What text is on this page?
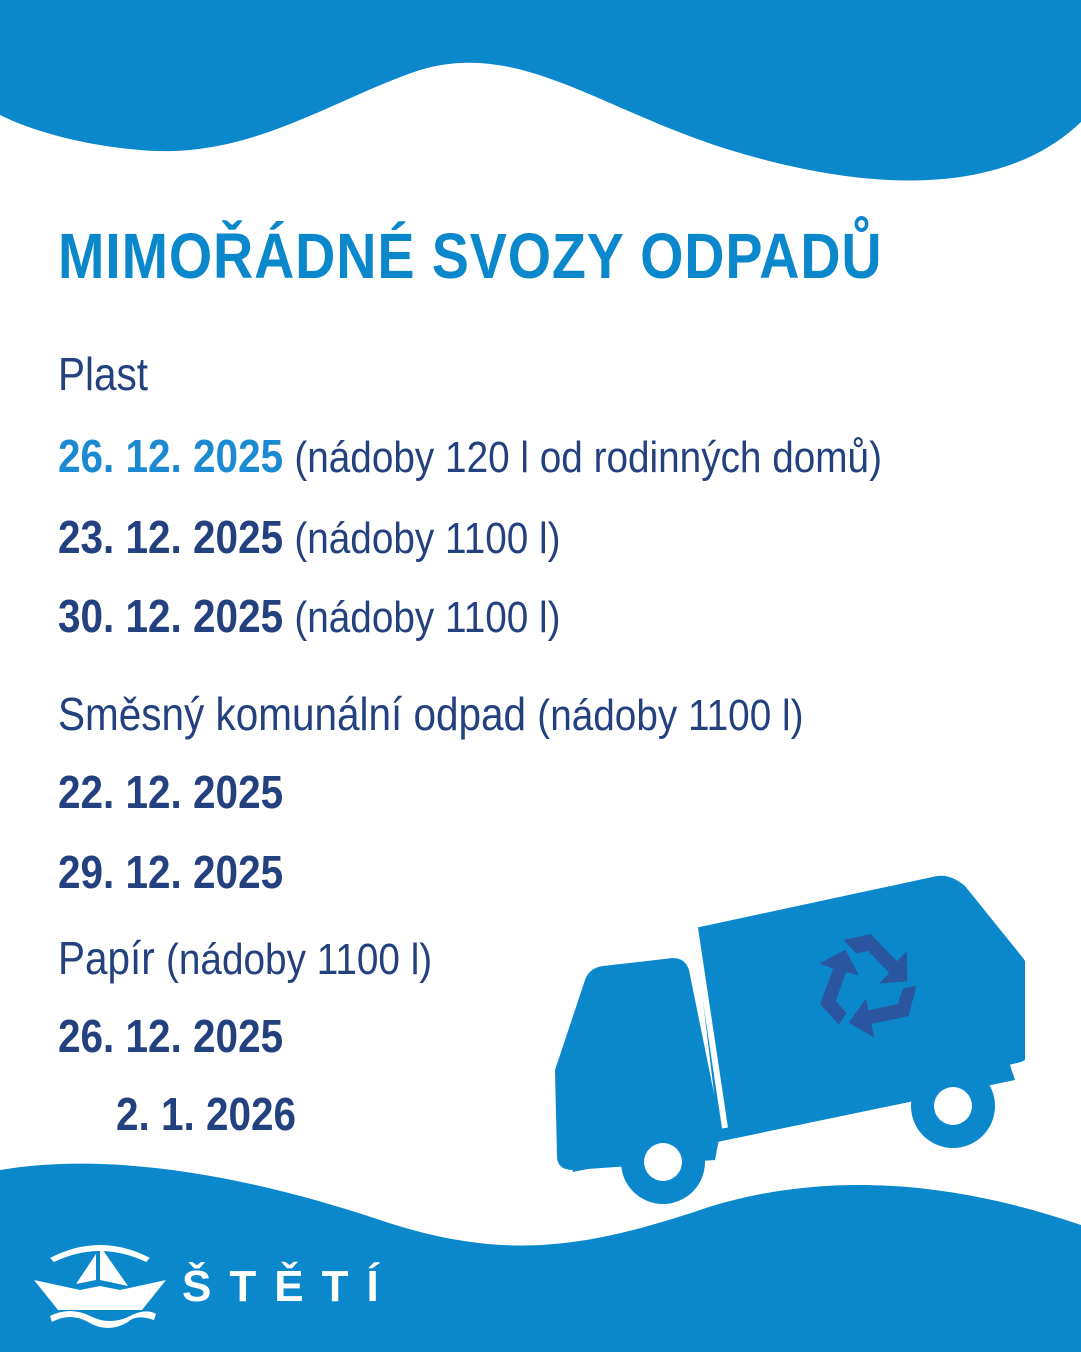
MIMOŘÁDNÉ SVOZY ODPADŮ

Plast

26. 12. 2025 (nádoby 120 l od rodinných domů)

23. 12. 2025 (nádoby 1100 l)

30. 12. 2025 (nádoby 1100 l)

Směsný komunální odpad (nádoby 1100 l)

22. 12. 2025

29. 12. 2025

Papír (nádoby 1100 l)

26. 12. 2025

2. 1. 2026

ŠTĚTÍ
